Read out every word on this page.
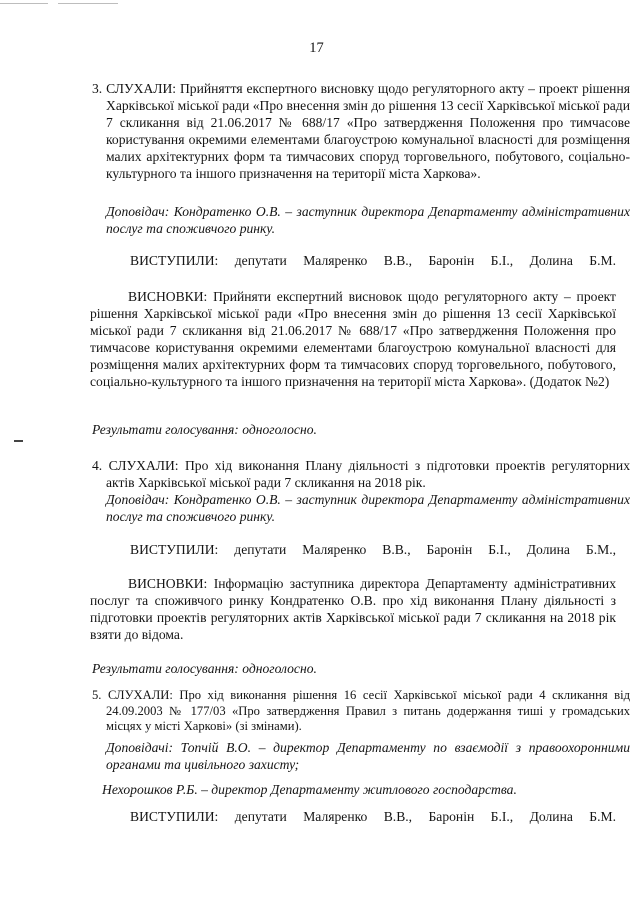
17
3. СЛУХАЛИ: Прийняття експертного висновку щодо регуляторного акту – проект рішення Харківської міської ради «Про внесення змін до рішення 13 сесії Харківської міської ради 7 скликання від 21.06.2017 № 688/17 «Про затвердження Положення про тимчасове користування окремими елементами благоустрою комунальної власності для розміщення малих архітектурних форм та тимчасових споруд торговельного, побутового, соціально-культурного та іншого призначення на території міста Харкова».
Доповідач: Кондратенко О.В. – заступник директора Департаменту адміністративних послуг та споживчого ринку.
ВИСТУПИЛИ: депутати Маляренко В.В., Баронін Б.І., Долина Б.М.
ВИСНОВКИ: Прийняти експертний висновок щодо регуляторного акту – проект рішення Харківської міської ради «Про внесення змін до рішення 13 сесії Харківської міської ради 7 скликання від 21.06.2017 № 688/17 «Про затвердження Положення про тимчасове користування окремими елементами благоустрою комунальної власності для розміщення малих архітектурних форм та тимчасових споруд торговельного, побутового, соціально-культурного та іншого призначення на території міста Харкова». (Додаток №2)
Результати голосування: одноголосно.
4. СЛУХАЛИ: Про хід виконання Плану діяльності з підготовки проектів регуляторних актів Харківської міської ради 7 скликання на 2018 рік.
Доповідач: Кондратенко О.В. – заступник директора Департаменту адміністративних послуг та споживчого ринку.
ВИСТУПИЛИ: депутати Маляренко В.В., Баронін Б.І., Долина Б.М.,
ВИСНОВКИ: Інформацію заступника директора Департаменту адміністративних послуг та споживчого ринку Кондратенко О.В. про хід виконання Плану діяльності з підготовки проектів регуляторних актів Харківської міської ради 7 скликання на 2018 рік взяти до відома.
Результати голосування: одноголосно.
5. СЛУХАЛИ: Про хід виконання рішення 16 сесії Харківської міської ради 4 скликання від 24.09.2003 № 177/03 «Про затвердження Правил з питань додержання тиші у громадських місцях у місті Харкові» (зі змінами).
Доповідачі: Топчій В.О. – директор Департаменту по взаємодії з правоохоронними органами та цивільного захисту;
Нехорошков Р.Б. – директор Департаменту житлового господарства.
ВИСТУПИЛИ: депутати Маляренко В.В., Баронін Б.І., Долина Б.М.
